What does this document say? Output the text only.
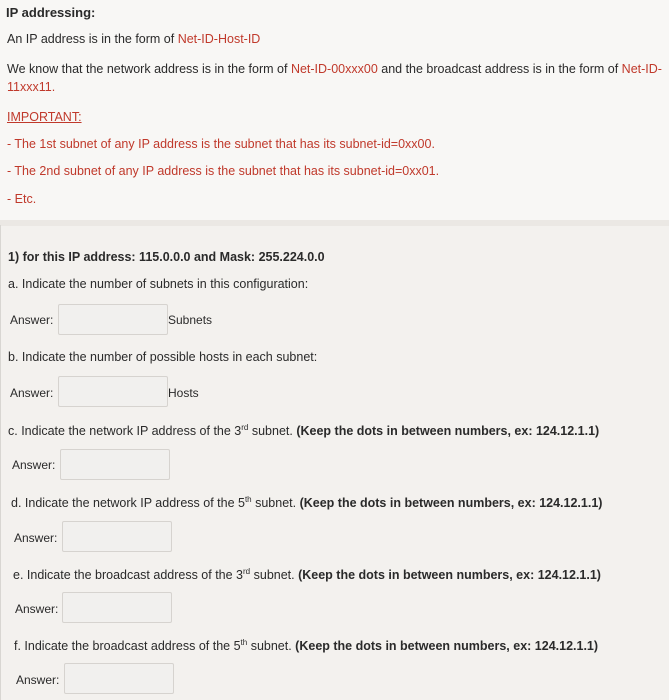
IP addressing:
An IP address is in the form of Net-ID-Host-ID
We know that the network address is in the form of Net-ID-00xxx00 and the broadcast address is in the form of Net-ID-
11xxx11.
IMPORTANT:
- The 1st subnet of any IP address is the subnet that has its subnet-id=0xx00.
- The 2nd subnet of any IP address is the subnet that has its subnet-id=0xx01.
- Etc.
1) for this IP address: 115.0.0.0 and Mask: 255.224.0.0
a. Indicate the number of subnets in this configuration:
Answer:	Subnets
b. Indicate the number of possible hosts in each subnet:
Answer:	Hosts
c. Indicate the network IP address of the 3rd subnet. (Keep the dots in between numbers, ex: 124.12.1.1)
Answer:
d. Indicate the network IP address of the 5th subnet. (Keep the dots in between numbers, ex: 124.12.1.1)
Answer:
e. Indicate the broadcast address of the 3rd subnet. (Keep the dots in between numbers, ex: 124.12.1.1)
Answer:
f. Indicate the broadcast address of the 5th subnet. (Keep the dots in between numbers, ex: 124.12.1.1)
Answer:
